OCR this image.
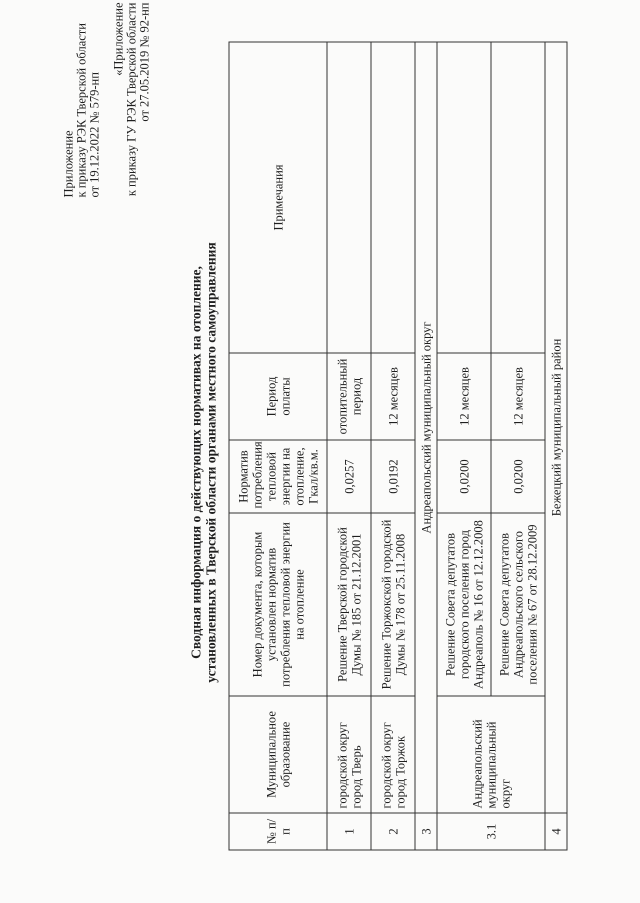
Приложение к приказу РЭК Тверской области от 19.12.2022 № 579-нп
«Приложение к приказу ГУ РЭК Тверской области от 27.05.2019 № 92-нп
Сводная информация о действующих нормативах на отопление, установленных в Тверской области органами местного самоуправления
№ п/п	Муниципальное образование	Номер документа, которым установлен норматив потребления тепловой энергии на отопление	Норматив потребления тепловой энергии на отопление, Гкал/кв.м.	Период оплаты	Примечания
1	городской округ город Тверь	Решение Тверской городской Думы № 185 от 21.12.2001	0,0257	отопительный период	
2	городской округ город Торжок	Решение Торжокской городской Думы № 178 от 25.11.2008	0,0192	12 месяцев	
3	Андреапольский муниципальный округ				
3.1	Андреапольский муниципальный округ	Решение Совета депутатов городского поселения город Андреаполь № 16 от 12.12.2008	0,0200	12 месяцев	
		Решение Совета депутатов Андреапольского сельского поселения № 67 от 28.12.2009	0,0200	12 месяцев	
4	Бежецкий муниципальный район				
